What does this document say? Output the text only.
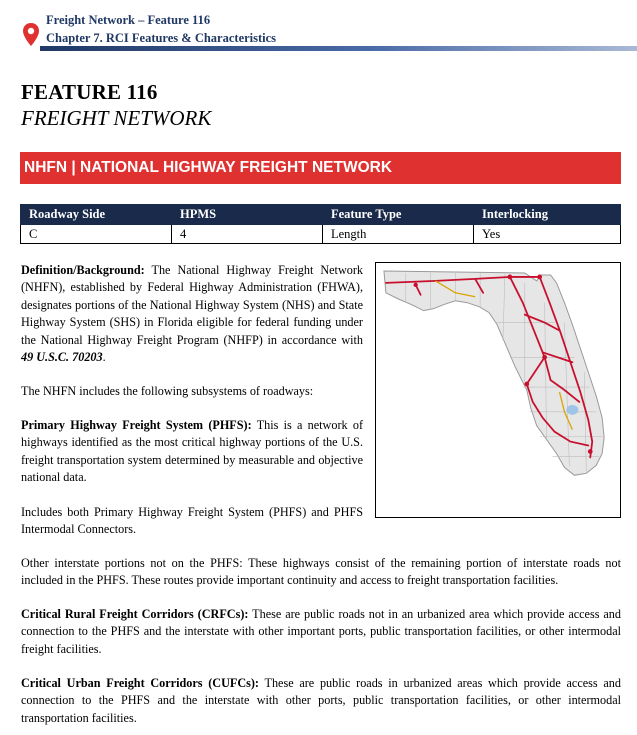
Freight Network – Feature 116
Chapter 7. RCI Features & Characteristics
FEATURE 116
FREIGHT NETWORK
NHFN | NATIONAL HIGHWAY FREIGHT NETWORK
Roadway Side	HPMS	Feature Type	Interlocking
C	4	Length	Yes
Definition/Background: The National Highway Freight Network (NHFN), established by Federal Highway Administration (FHWA), designates portions of the National Highway System (NHS) and State Highway System (SHS) in Florida eligible for federal funding under the National Highway Freight Program (NHFP) in accordance with 49 U.S.C. 70203.
The NHFN includes the following subsystems of roadways:
Primary Highway Freight System (PHFS): This is a network of highways identified as the most critical highway portions of the U.S. freight transportation system determined by measurable and objective national data.
Includes both Primary Highway Freight System (PHFS) and PHFS Intermodal Connectors.
Other interstate portions not on the PHFS: These highways consist of the remaining portion of interstate roads not included in the PHFS. These routes provide important continuity and access to freight transportation facilities.
Critical Rural Freight Corridors (CRFCs): These are public roads not in an urbanized area which provide access and connection to the PHFS and the interstate with other important ports, public transportation facilities, or other intermodal freight facilities.
Critical Urban Freight Corridors (CUFCs): These are public roads in urbanized areas which provide access and connection to the PHFS and the interstate with other ports, public transportation facilities, or other intermodal transportation facilities.
